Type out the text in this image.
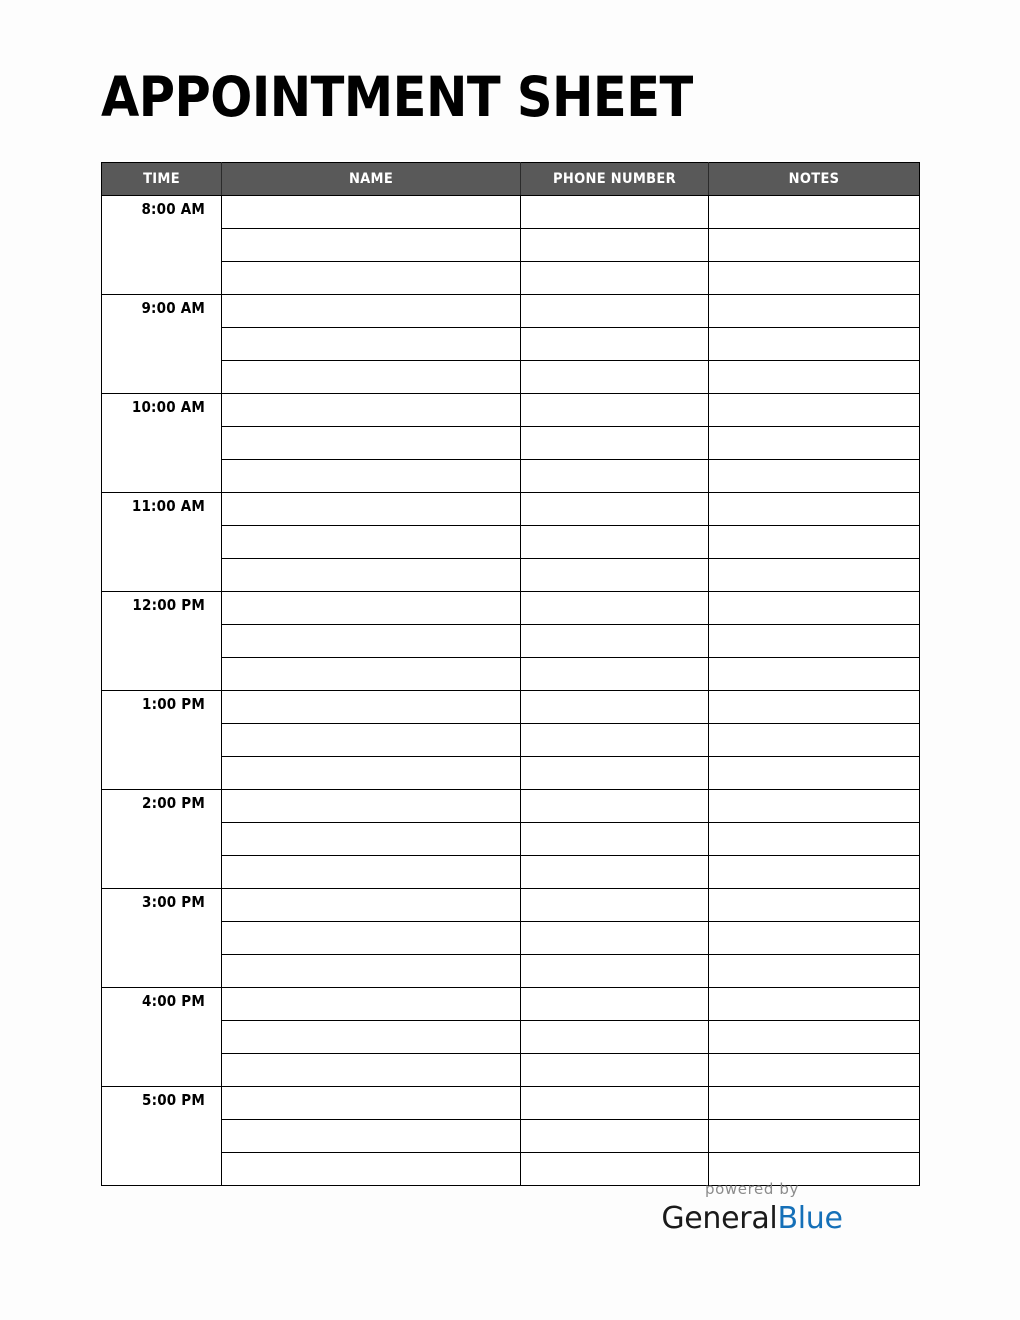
APPOINTMENT SHEET
TIME	NAME	PHONE NUMBER	NOTES
8:00 AM			

9:00 AM			

10:00 AM			

11:00 AM			

12:00 PM			

1:00 PM			

2:00 PM			

3:00 PM			

4:00 PM			

5:00 PM			

powered by
GeneralBlue
